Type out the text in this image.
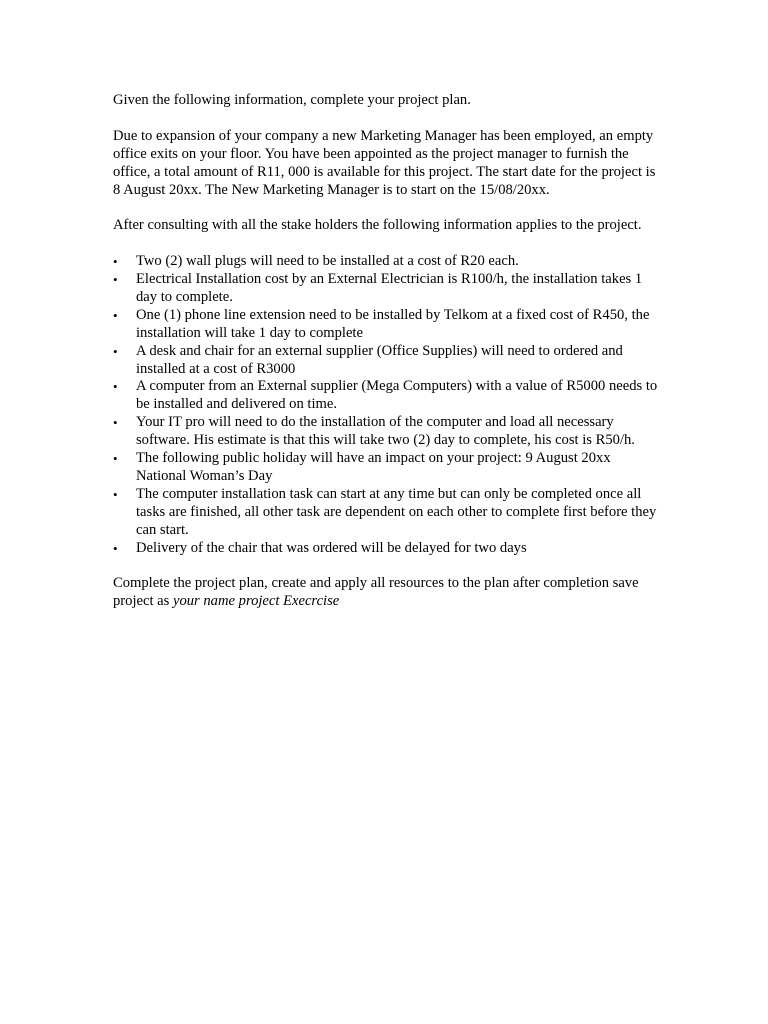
Given the following information, complete your project plan.

Due to expansion of your company a new Marketing Manager has been employed, an empty office exits on your floor. You have been appointed as the project manager to furnish the office, a total amount of R11, 000 is available for this project. The start date for the project is 8 August 20xx. The New Marketing Manager is to start on the 15/08/20xx.

After consulting with all the stake holders the following information applies to the project.

• Two (2) wall plugs will need to be installed at a cost of R20 each.
• Electrical Installation cost by an External Electrician is R100/h, the installation takes 1 day to complete.
• One (1) phone line extension need to be installed by Telkom at a fixed cost of R450, the installation will take 1 day to complete
• A desk and chair for an external supplier (Office Supplies) will need to ordered and installed at a cost of R3000
• A computer from an External supplier (Mega Computers) with a value of R5000 needs to be installed and delivered on time.
• Your IT pro will need to do the installation of the computer and load all necessary software. His estimate is that this will take two (2) day to complete, his cost is R50/h.
• The following public holiday will have an impact on your project: 9 August 20xx National Woman’s Day
• The computer installation task can start at any time but can only be completed once all tasks are finished, all other task are dependent on each other to complete first before they can start.
• Delivery of the chair that was ordered will be delayed for two days

Complete the project plan, create and apply all resources to the plan after completion save project as your name project Execrcise
